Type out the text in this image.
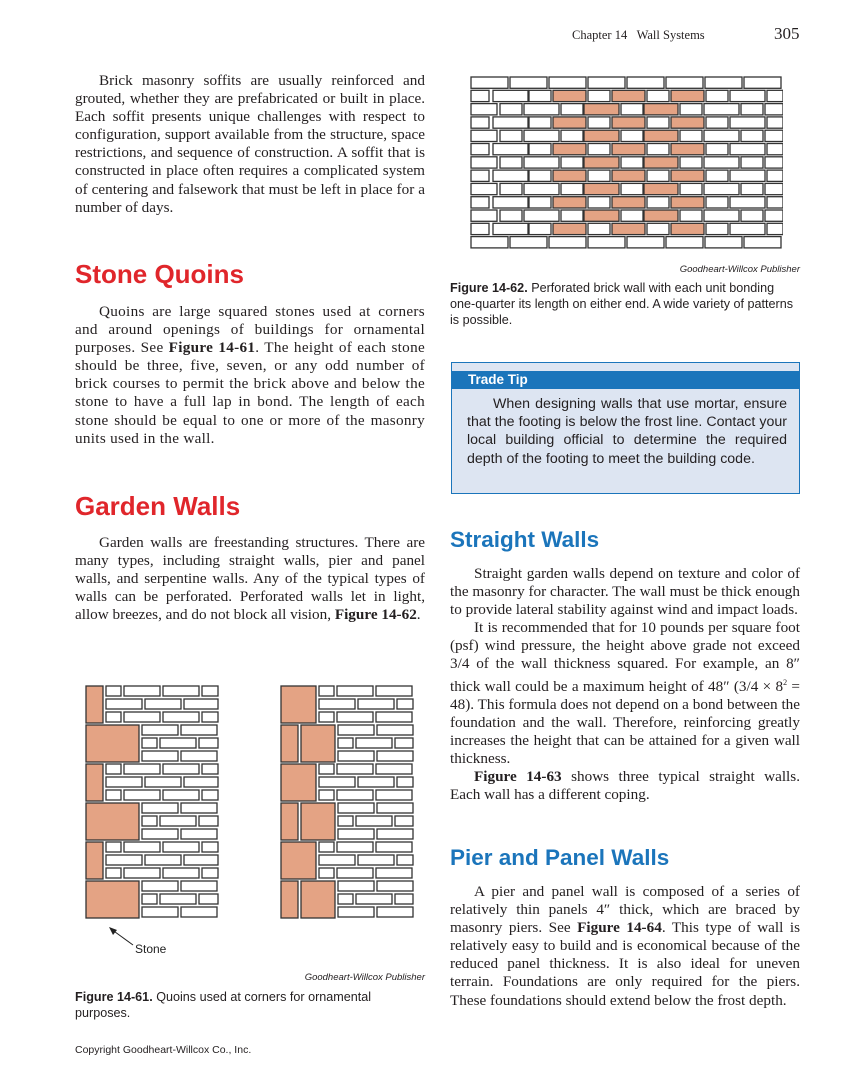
Chapter 14 Wall Systems	305

Brick masonry soffits are usually reinforced and grouted, whether they are prefabricated or built in place. Each soffit presents unique challenges with respect to configuration, support available from the structure, space restrictions, and sequence of construction. A soffit that is constructed in place often requires a complicated system of centering and falsework that must be left in place for a number of days.

Stone Quoins

Quoins are large squared stones used at corners and around openings of buildings for ornamental purposes. See Figure 14-61. The height of each stone should be three, five, seven, or any odd number of brick courses to permit the brick above and below the stone to have a full lap in bond. The length of each stone should be equal to one or more of the masonry units used in the wall.

Garden Walls

Garden walls are freestanding structures. There are many types, including straight walls, pier and panel walls, and serpentine walls. Any of the typical types of walls can be perforated. Perforated walls let in light, allow breezes, and do not block all vision, Figure 14-62.

Stone
Goodheart-Willcox Publisher
Figure 14-61. Quoins used at corners for ornamental purposes.
Goodheart-Willcox Publisher
Figure 14-62. Perforated brick wall with each unit bonding one-quarter its length on either end. A wide variety of patterns is possible.
Trade Tip

When designing walls that use mortar, ensure that the footing is below the frost line. Contact your local building official to determine the required depth of the footing to meet the building code.

Straight Walls

Straight garden walls depend on texture and color of the masonry for character. The wall must be thick enough to provide lateral stability against wind and impact loads.

It is recommended that for 10 pounds per square foot (psf) wind pressure, the height above grade not exceed 3/4 of the wall thickness squared. For example, an 8″ thick wall could be a maximum height of 48″ $(3/4 \times 8^2 = 48)$. This formula does not depend on a bond between the foundation and the wall. Therefore, reinforcing greatly increases the height that can be attained for a given wall thickness.

Figure 14-63 shows three typical straight walls. Each wall has a different coping.

Pier and Panel Walls

A pier and panel wall is composed of a series of relatively thin panels 4″ thick, which are braced by masonry piers. See Figure 14-64. This type of wall is relatively easy to build and is economical because of the reduced panel thickness. It is also ideal for uneven terrain. Foundations are only required for the piers. These foundations should extend below the frost depth.

Copyright Goodheart-Willcox Co., Inc.
